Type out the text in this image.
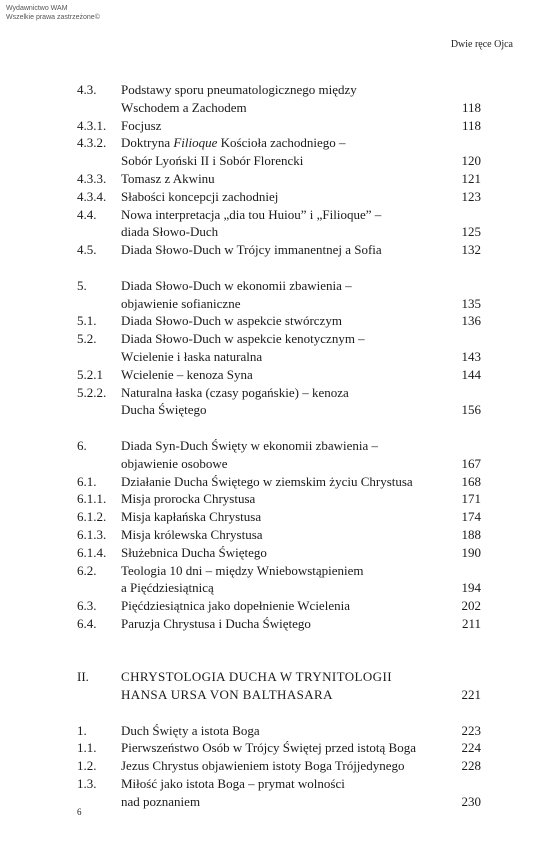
Wydawnictwo WAM
Wszelkie prawa zastrzeżone©
Dwie ręce Ojca
4.3.	Podstawy sporu pneumatologicznego między
Wschodem a Zachodem	118
4.3.1.	Focjusz	118
4.3.2.	Doktryna Filioque Kościoła zachodniego –
Sobór Lyoński II i Sobór Florencki	120
4.3.3.	Tomasz z Akwinu	121
4.3.4.	Słabości koncepcji zachodniej	123
4.4.	Nowa interpretacja „dia tou Huiou” i „Filioque” –
diada Słowo-Duch	125
4.5.	Diada Słowo-Duch w Trójcy immanentnej a Sofia	132
5.	Diada Słowo-Duch w ekonomii zbawienia –
objawienie sofianiczne	135
5.1.	Diada Słowo-Duch w aspekcie stwórczym	136
5.2.	Diada Słowo-Duch w aspekcie kenotycznym –
Wcielenie i łaska naturalna	143
5.2.1	Wcielenie – kenoza Syna	144
5.2.2.	Naturalna łaska (czasy pogańskie) – kenoza
Ducha Świętego	156
6.	Diada Syn-Duch Święty w ekonomii zbawienia –
objawienie osobowe	167
6.1.	Działanie Ducha Świętego w ziemskim życiu Chrystusa	168
6.1.1.	Misja prorocka Chrystusa	171
6.1.2.	Misja kapłańska Chrystusa	174
6.1.3.	Misja królewska Chrystusa	188
6.1.4.	Służebnica Ducha Świętego	190
6.2.	Teologia 10 dni – między Wniebowstąpieniem
a Pięćdziesiątnicą	194
6.3.	Pięćdziesiątnica jako dopełnienie Wcielenia	202
6.4.	Paruzja Chrystusa i Ducha Świętego	211
II.	CHRYSTOLOGIA DUCHA W TRYNITOLOGII
HANSA URSA VON BALTHASARA	221
1.	Duch Święty a istota Boga	223
1.1.	Pierwszeństwo Osób w Trójcy Świętej przed istotą Boga	224
1.2.	Jezus Chrystus objawieniem istoty Boga Trójjedynego	228
1.3.	Miłość jako istota Boga – prymat wolności
nad poznaniem	230
6
